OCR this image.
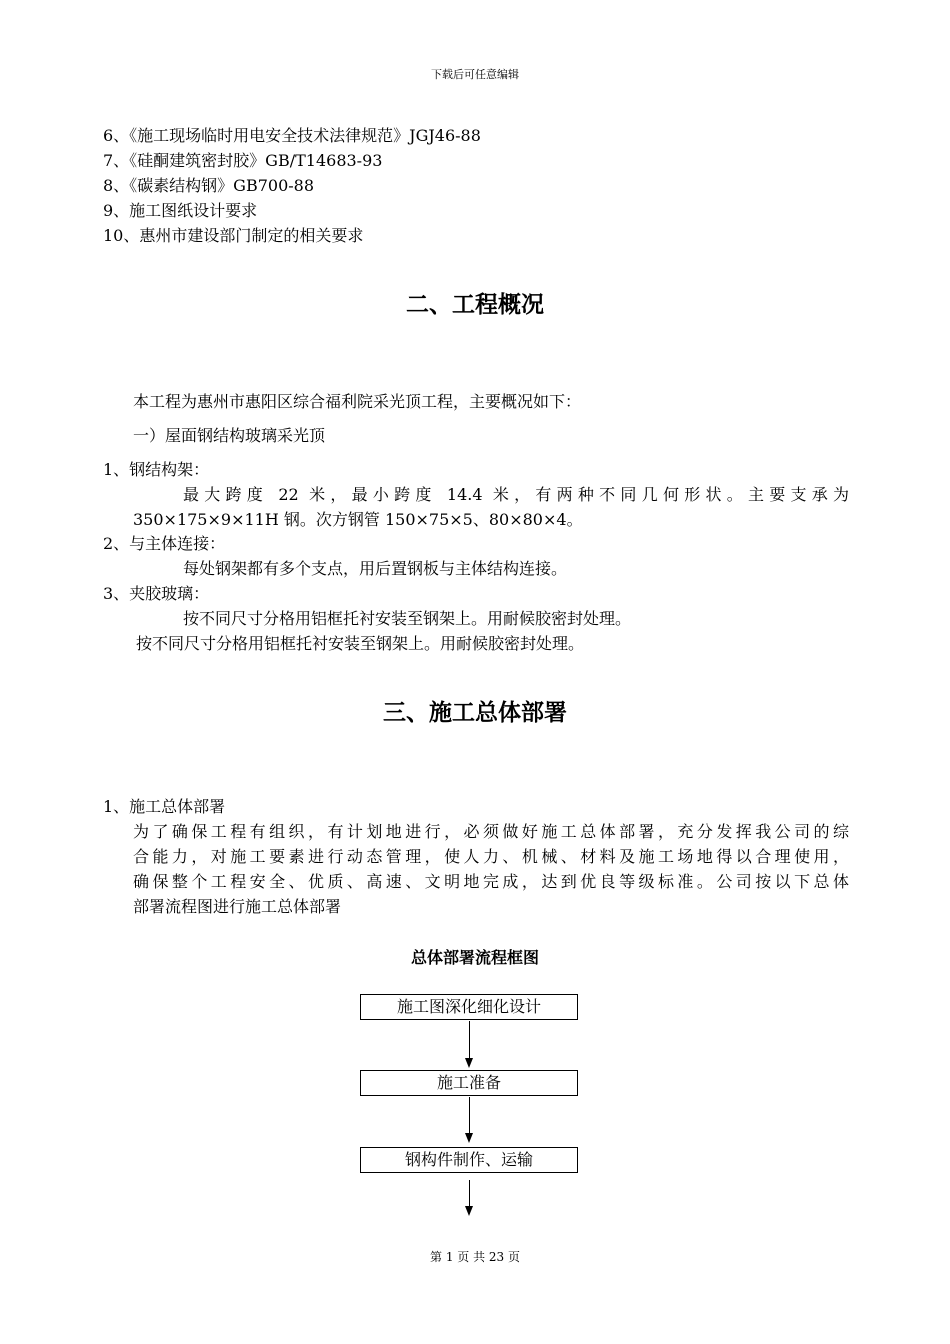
下载后可任意编辑
6、《施工现场临时用电安全技术法律规范》JGJ46-88
7、《硅酮建筑密封胶》GB/T14683-93
8、《碳素结构钢》GB700-88
9、施工图纸设计要求
10、惠州市建设部门制定的相关要求
二、工程概况
本工程为惠州市惠阳区综合福利院采光顶工程，主要概况如下：
一）屋面钢结构玻璃采光顶
1、钢结构架：
最大跨度 22 米，最小跨度 14.4 米，有两种不同几何形状。主要支承为
350×175×9×11H 钢。次方钢管 150×75×5、80×80×4。
2、与主体连接：
每处钢架都有多个支点，用后置钢板与主体结构连接。
3、夹胶玻璃：
按不同尺寸分格用铝框托衬安装至钢架上。用耐候胶密封处理。
按不同尺寸分格用铝框托衬安装至钢架上。用耐候胶密封处理。
三、施工总体部署
1、施工总体部署
为了确保工程有组织，有计划地进行，必须做好施工总体部署，充分发挥我公司的综
合能力，对施工要素进行动态管理，使人力、机械、材料及施工场地得以合理使用，
确保整个工程安全、优质、高速、文明地完成，达到优良等级标准。公司按以下总体
部署流程图进行施工总体部署
总体部署流程框图
施工图深化细化设计
施工准备
钢构件制作、运输
第 1 页 共 23 页
